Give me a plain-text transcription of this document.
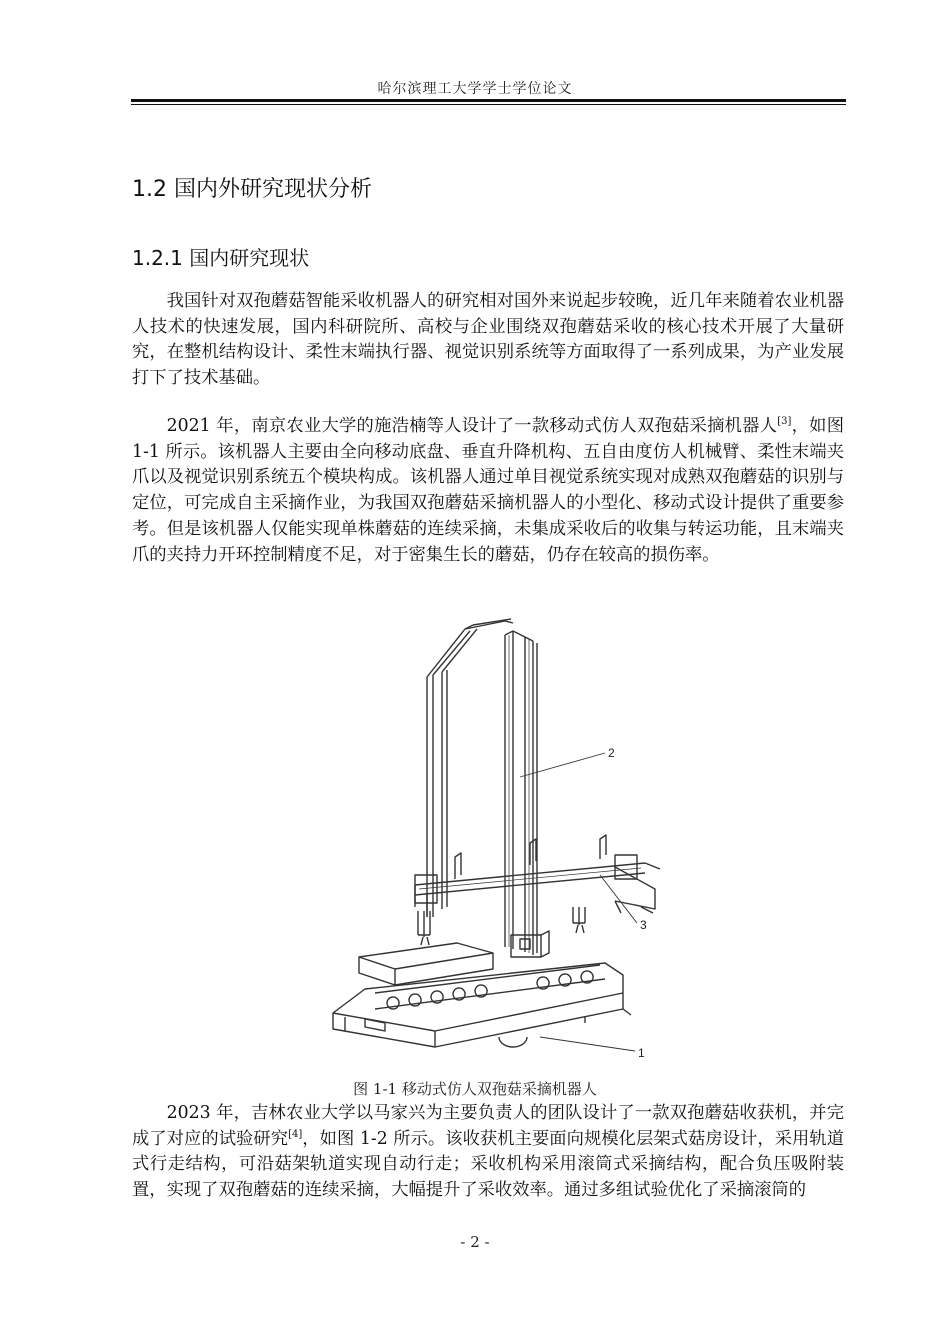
哈尔滨理工大学学士学位论文
1.2 国内外研究现状分析
1.2.1 国内研究现状

我国针对双孢蘑菇智能采收机器人的研究相对国外来说起步较晚，近几年来随着农业机器人技术的快速发展，国内科研院所、高校与企业围绕双孢蘑菇采收的核心技术开展了大量研究，在整机结构设计、柔性末端执行器、视觉识别系统等方面取得了一系列成果，为产业发展打下了技术基础。

2021 年，南京农业大学的施浩楠等人设计了一款移动式仿人双孢菇采摘机器人[3]，如图 1-1 所示。该机器人主要由全向移动底盘、垂直升降机构、五自由度仿人机械臂、柔性末端夹爪以及视觉识别系统五个模块构成。该机器人通过单目视觉系统实现对成熟双孢蘑菇的识别与定位，可完成自主采摘作业，为我国双孢蘑菇采摘机器人的小型化、移动式设计提供了重要参考。但是该机器人仅能实现单株蘑菇的连续采摘，未集成采收后的收集与转运功能，且末端夹爪的夹持力开环控制精度不足，对于密集生长的蘑菇，仍存在较高的损伤率。

2
3
1
图 1-1 移动式仿人双孢菇采摘机器人

2023 年，吉林农业大学以马家兴为主要负责人的团队设计了一款双孢蘑菇收获机，并完成了对应的试验研究[4]，如图 1-2 所示。该收获机主要面向规模化层架式菇房设计，采用轨道式行走结构，可沿菇架轨道实现自动行走；采收机构采用滚筒式采摘结构，配合负压吸附装置，实现了双孢蘑菇的连续采摘，大幅提升了采收效率。通过多组试验优化了采摘滚筒的

- 2 -
